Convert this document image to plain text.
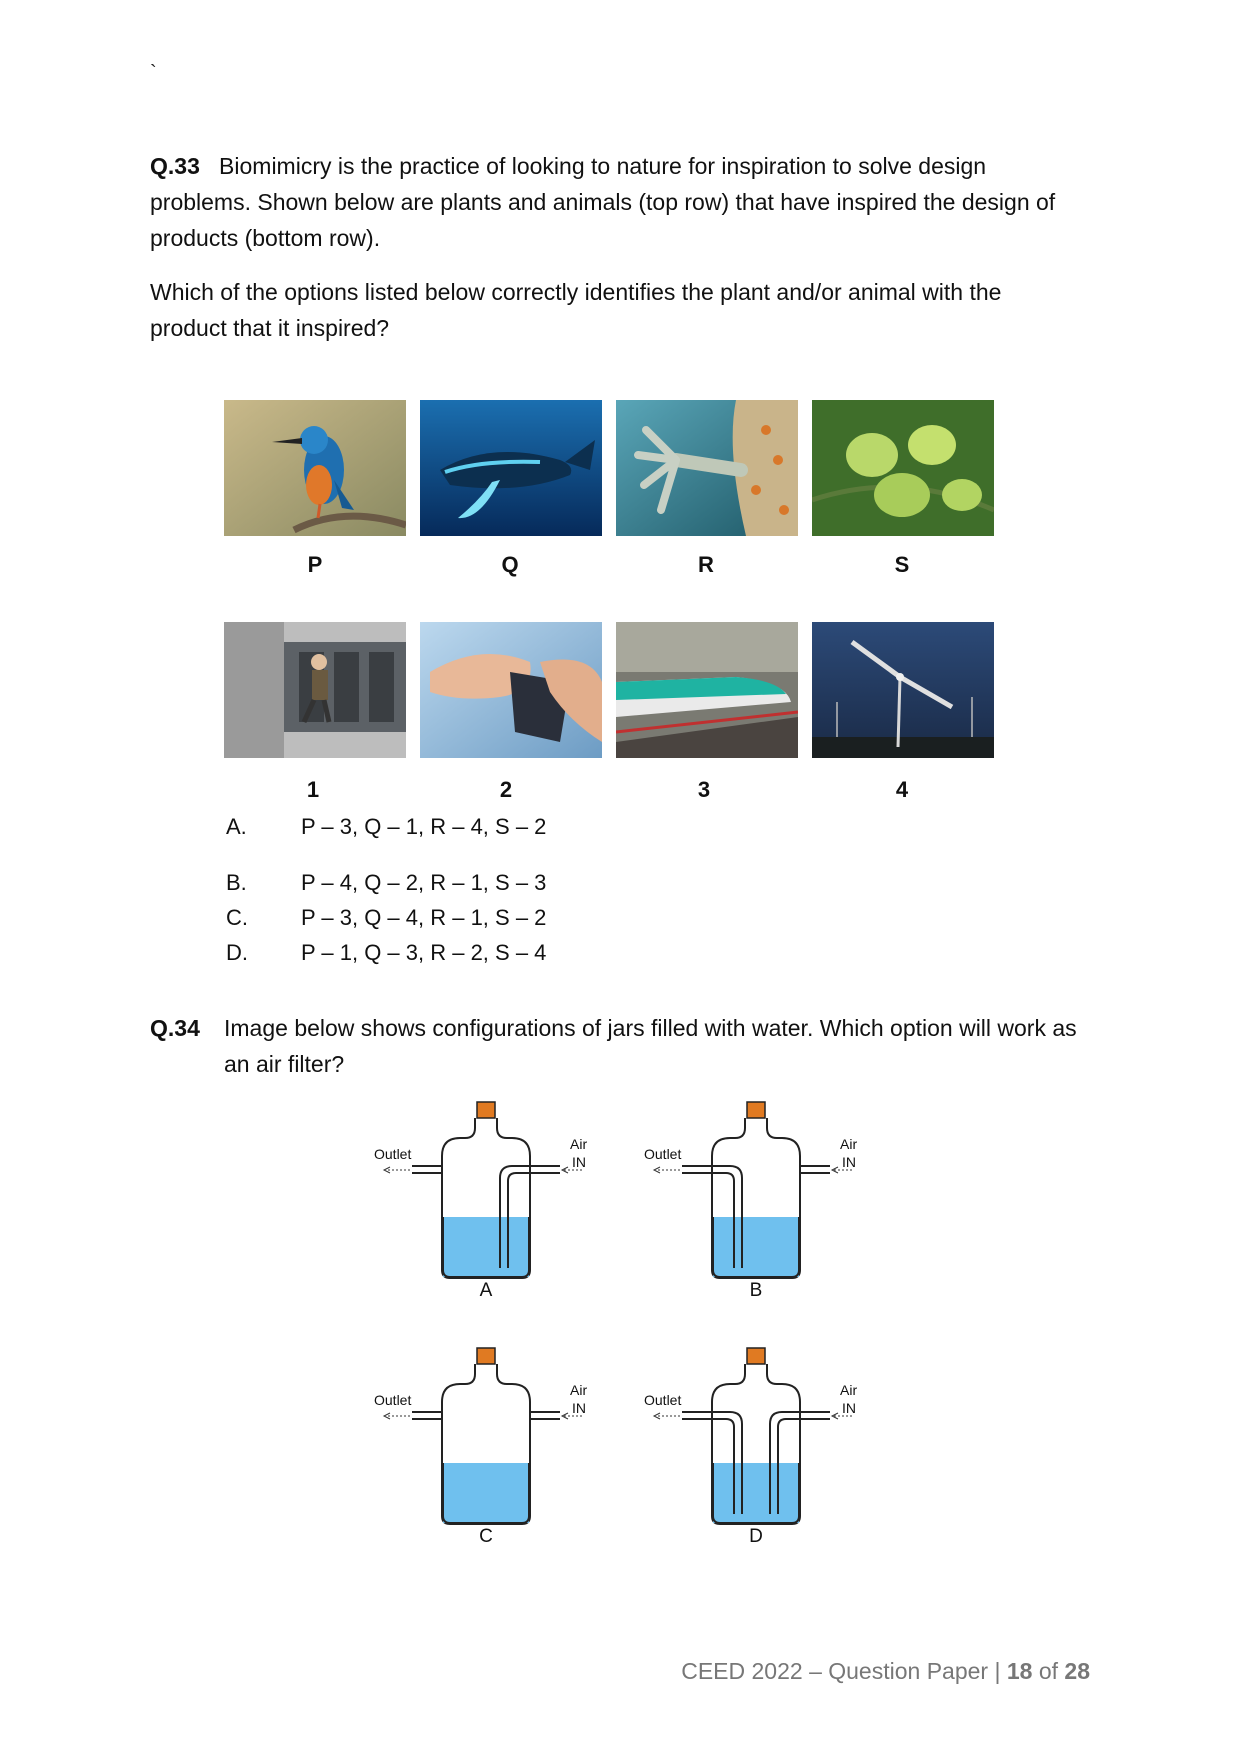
`
Q.33 Biomimicry is the practice of looking to nature for inspiration to solve design problems. Shown below are plants and animals (top row) that have inspired the design of products (bottom row).
Which of the options listed below correctly identifies the plant and/or animal with the product that it inspired?
P	Q	R	S
1	2	3	4
A. P – 3, Q – 1, R – 4, S – 2
B. P – 4, Q – 2, R – 1, S – 3
C. P – 3, Q – 4, R – 1, S – 2
D. P – 1, Q – 3, R – 2, S – 4
Q.34 Image below shows configurations of jars filled with water. Which option will work as an air filter?
Outlet
Air
IN
A
Outlet
Air
IN
B
Outlet
Air
IN
C
Outlet
Air
IN
D
CEED 2022 – Question Paper | 18 of 28
